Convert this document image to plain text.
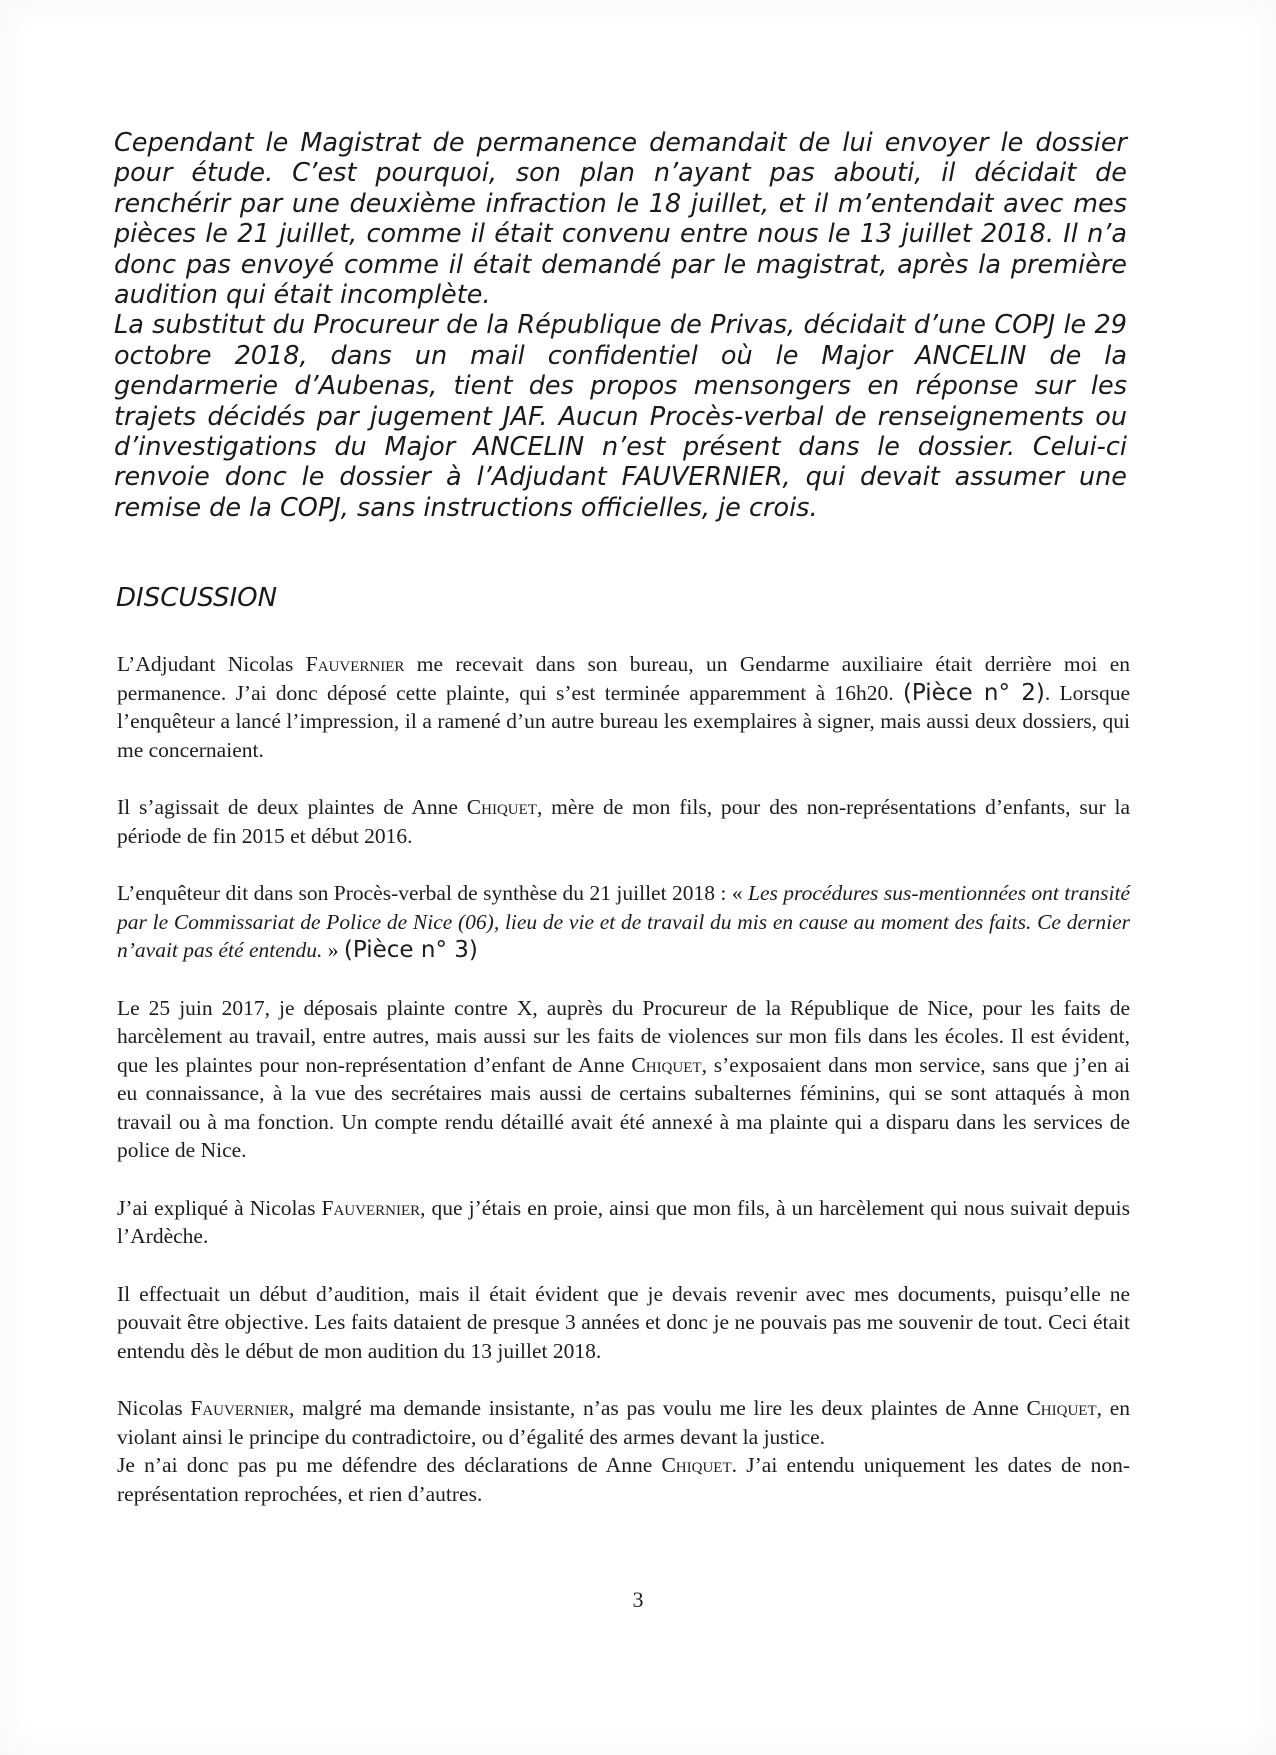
Cependant le Magistrat de permanence demandait de lui envoyer le dossier pour étude. C’est pourquoi, son plan n’ayant pas abouti, il décidait de renchérir par une deuxième infraction le 18 juillet, et il m’entendait avec mes pièces le 21 juillet, comme il était convenu entre nous le 13 juillet 2018. Il n’a donc pas envoyé comme il était demandé par le magistrat, après la première audition qui était incomplète.

La substitut du Procureur de la République de Privas, décidait d’une COPJ le 29 octobre 2018, dans un mail confidentiel où le Major ANCELIN de la gendarmerie d’Aubenas, tient des propos mensongers en réponse sur les trajets décidés par jugement JAF. Aucun Procès-verbal de renseignements ou d’investigations du Major ANCELIN n’est présent dans le dossier. Celui-ci renvoie donc le dossier à l’Adjudant FAUVERNIER, qui devait assumer une remise de la COPJ, sans instructions officielles, je crois.

DISCUSSION

L’Adjudant Nicolas Fauvernier me recevait dans son bureau, un Gendarme auxiliaire était derrière moi en permanence. J’ai donc déposé cette plainte, qui s’est terminée apparemment à 16h20. (Pièce n° 2). Lorsque l’enquêteur a lancé l’impression, il a ramené d’un autre bureau les exemplaires à signer, mais aussi deux dossiers, qui me concernaient.

Il s’agissait de deux plaintes de Anne Chiquet, mère de mon fils, pour des non-représentations d’enfants, sur la période de fin 2015 et début 2016.

L’enquêteur dit dans son Procès-verbal de synthèse du 21 juillet 2018 : « Les procédures sus-mentionnées ont transité par le Commissariat de Police de Nice (06), lieu de vie et de travail du mis en cause au moment des faits. Ce dernier n’avait pas été entendu. » (Pièce n° 3)

Le 25 juin 2017, je déposais plainte contre X, auprès du Procureur de la République de Nice, pour les faits de harcèlement au travail, entre autres, mais aussi sur les faits de violences sur mon fils dans les écoles. Il est évident, que les plaintes pour non-représentation d’enfant de Anne Chiquet, s’exposaient dans mon service, sans que j’en ai eu connaissance, à la vue des secrétaires mais aussi de certains subalternes féminins, qui se sont attaqués à mon travail ou à ma fonction. Un compte rendu détaillé avait été annexé à ma plainte qui a disparu dans les services de police de Nice.

J’ai expliqué à Nicolas Fauvernier, que j’étais en proie, ainsi que mon fils, à un harcèlement qui nous suivait depuis l’Ardèche.

Il effectuait un début d’audition, mais il était évident que je devais revenir avec mes documents, puisqu’elle ne pouvait être objective. Les faits dataient de presque 3 années et donc je ne pouvais pas me souvenir de tout. Ceci était entendu dès le début de mon audition du 13 juillet 2018.

Nicolas Fauvernier, malgré ma demande insistante, n’as pas voulu me lire les deux plaintes de Anne Chiquet, en violant ainsi le principe du contradictoire, ou d’égalité des armes devant la justice.

Je n’ai donc pas pu me défendre des déclarations de Anne Chiquet. J’ai entendu uniquement les dates de non-représentation reprochées, et rien d’autres.

3
